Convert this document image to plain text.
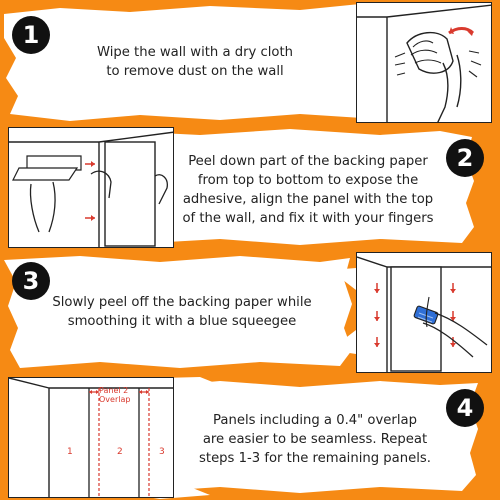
1
Wipe the wall with a dry cloth
to remove dust on the wall
Peel down part of the backing paper
from top to bottom to expose the
adhesive, align the panel with the top
of the wall, and fix it with your fingers
2
3
Slowly peel off the backing paper while
smoothing it with a blue squeegee
Panel 2
Overlap
1	2	3
Panels including a 0.4" overlap
are easier to be seamless. Repeat
steps 1-3 for the remaining panels.
4
